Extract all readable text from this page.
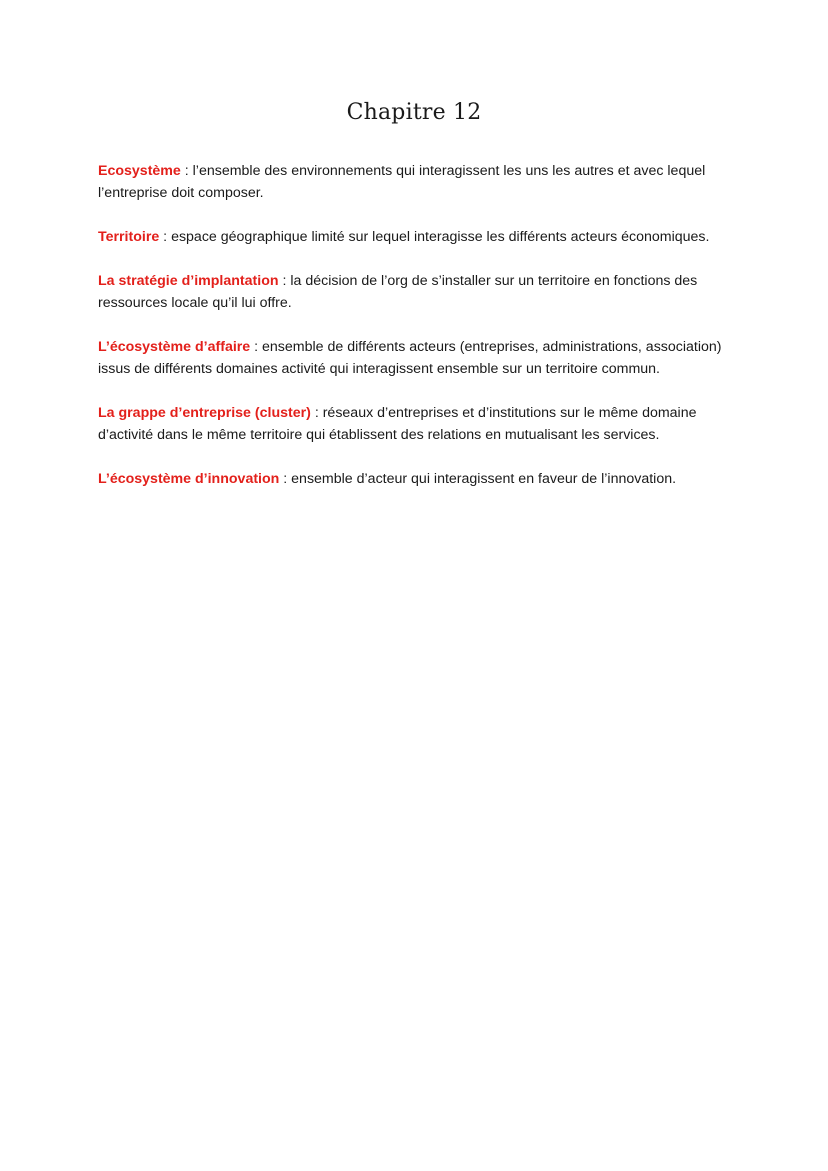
Chapitre 12

Ecosystème : l’ensemble des environnements qui interagissent les uns les autres et avec lequel l’entreprise doit composer.

Territoire : espace géographique limité sur lequel interagisse les différents acteurs économiques.

La stratégie d’implantation : la décision de l’org de s’installer sur un territoire en fonctions des ressources locale qu’il lui offre.

L’écosystème d’affaire : ensemble de différents acteurs (entreprises, administrations, association) issus de différents domaines activité qui interagissent ensemble sur un territoire commun.

La grappe d’entreprise (cluster) : réseaux d’entreprises et d’institutions sur le même domaine d’activité dans le même territoire qui établissent des relations en mutualisant les services.

L’écosystème d’innovation : ensemble d’acteur qui interagissent en faveur de l’innovation.
